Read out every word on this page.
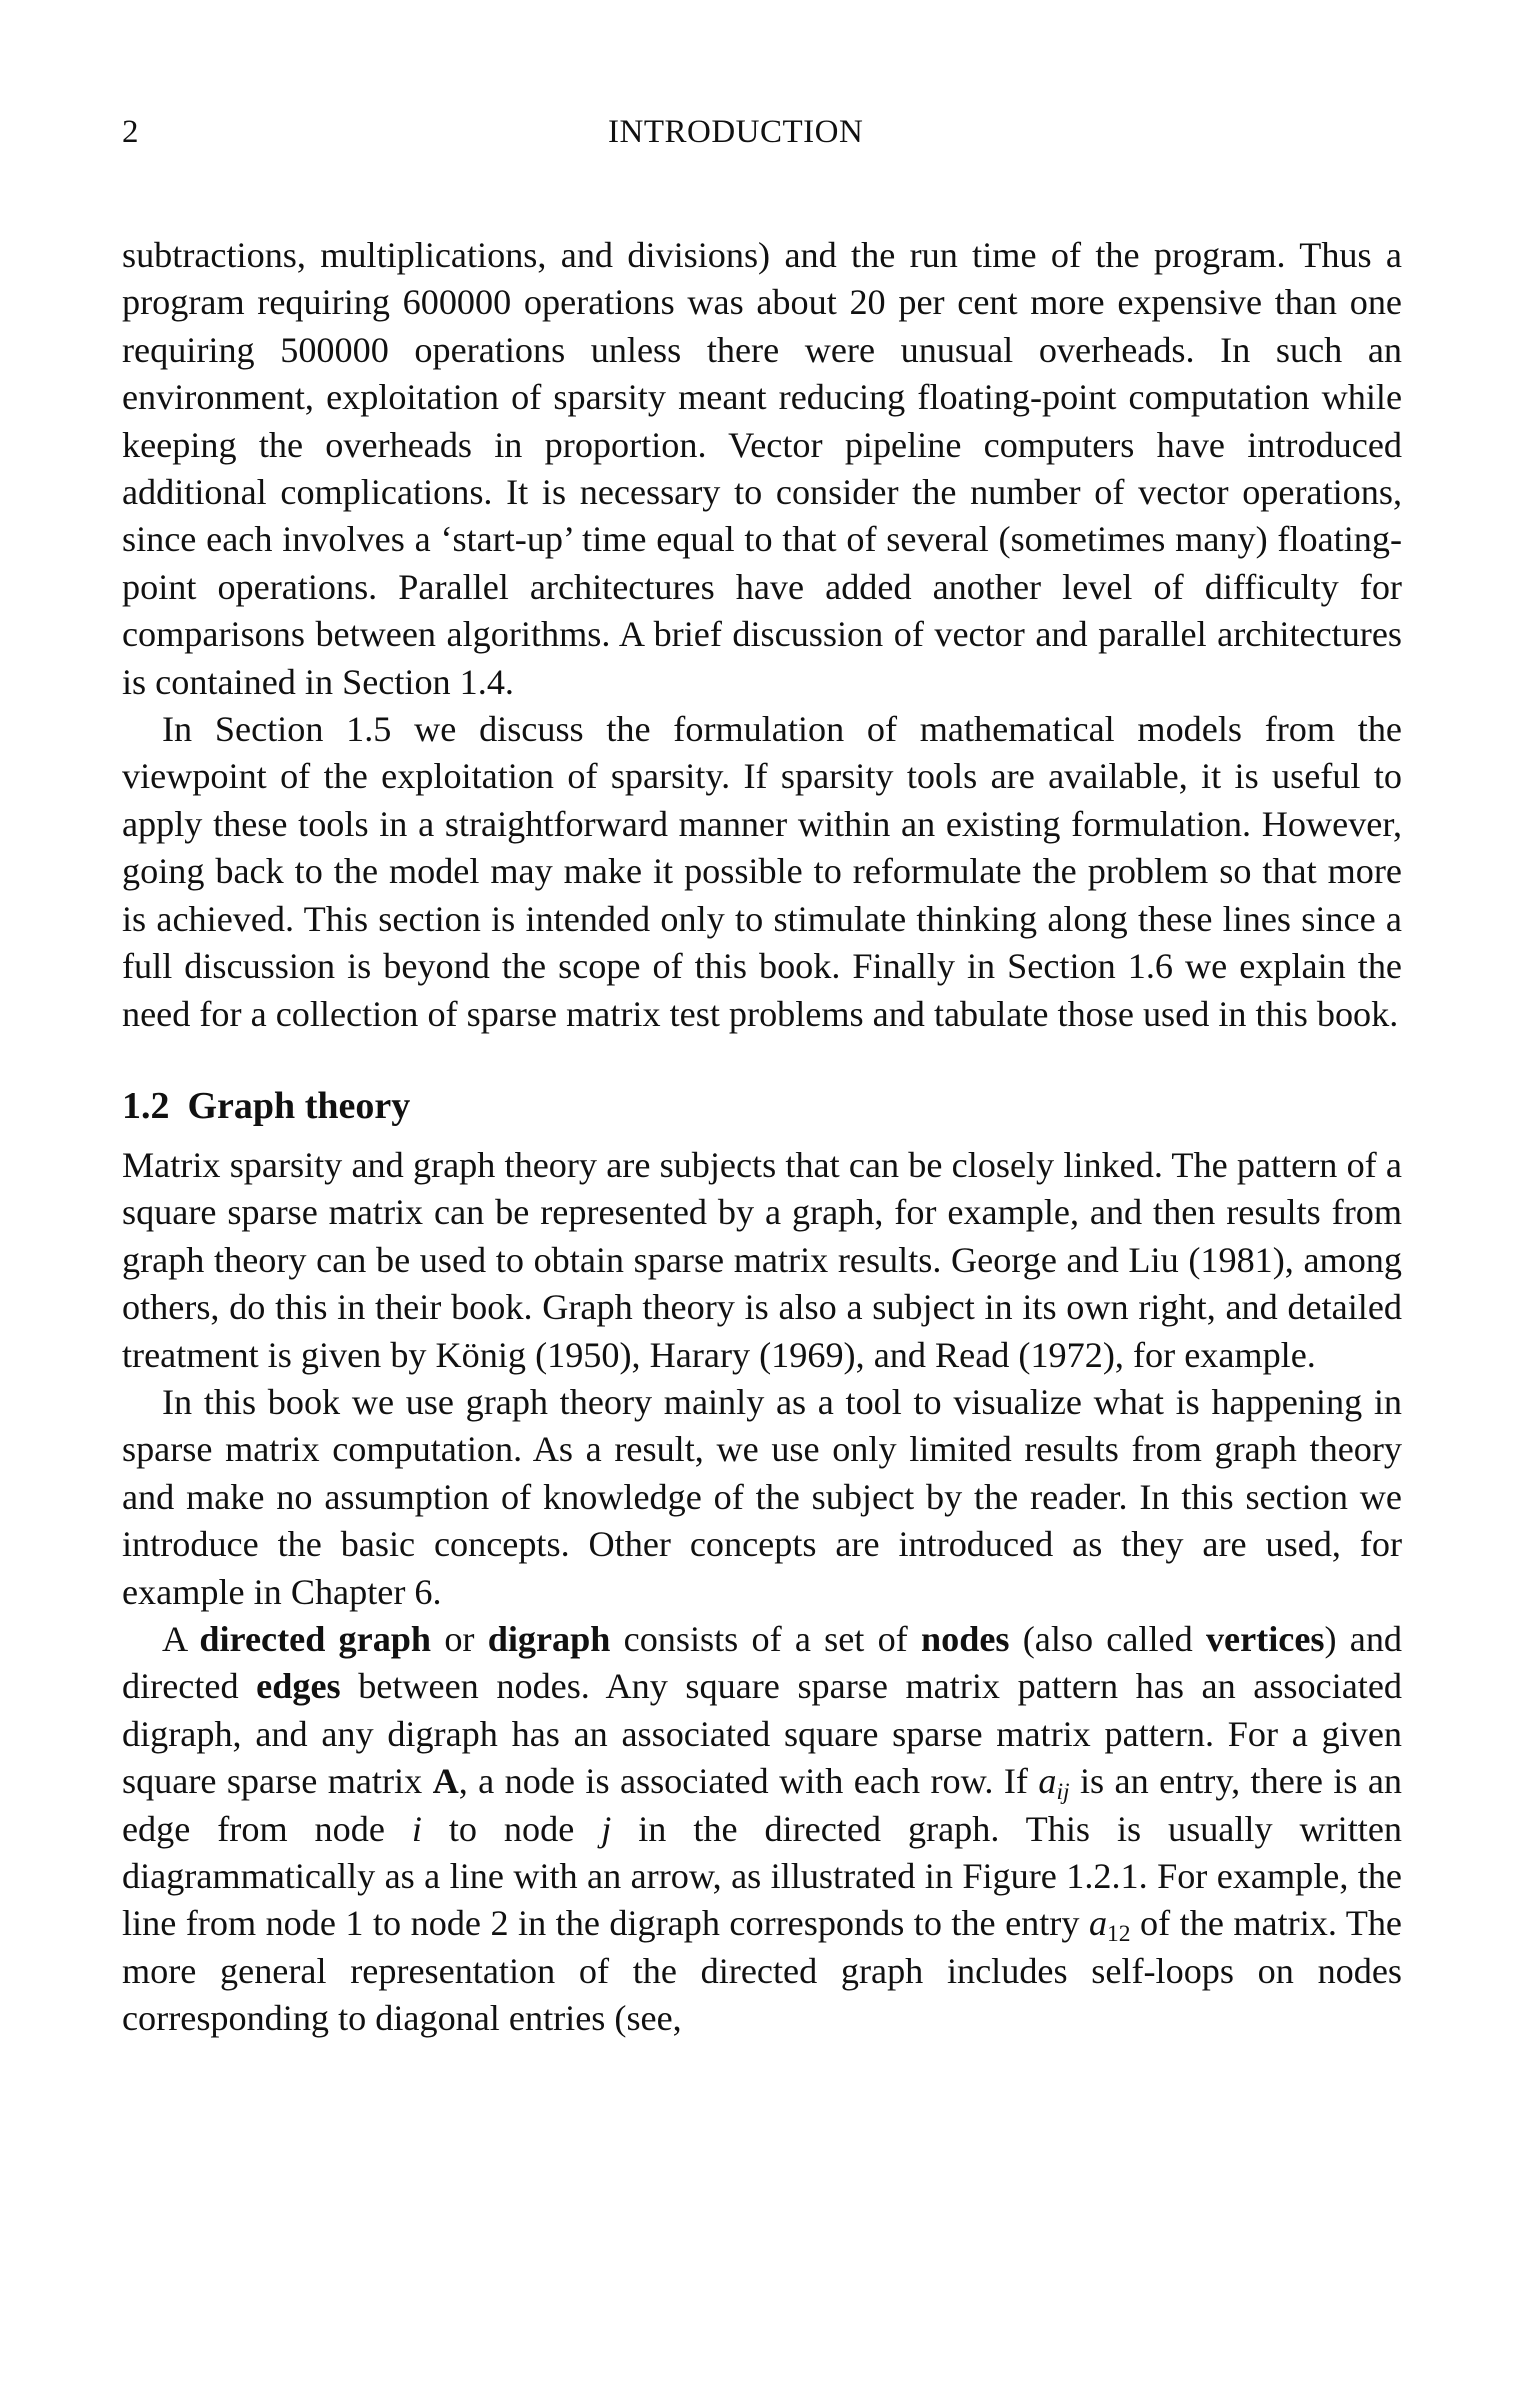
2	INTRODUCTION

subtractions, multiplications, and divisions) and the run time of the program. Thus a program requiring 600000 operations was about 20 per cent more expensive than one requiring 500000 operations unless there were unusual overheads. In such an environment, exploitation of sparsity meant reducing floating-point computation while keeping the overheads in proportion. Vector pipeline computers have introduced additional complications. It is necessary to consider the number of vector operations, since each involves a ‘start-up’ time equal to that of several (sometimes many) floating-point operations. Parallel architectures have added another level of difficulty for comparisons between algorithms. A brief discussion of vector and parallel architectures is contained in Section 1.4.

In Section 1.5 we discuss the formulation of mathematical models from the viewpoint of the exploitation of sparsity. If sparsity tools are available, it is useful to apply these tools in a straightforward manner within an existing formulation. However, going back to the model may make it possible to reformulate the problem so that more is achieved. This section is intended only to stimulate thinking along these lines since a full discussion is beyond the scope of this book. Finally in Section 1.6 we explain the need for a collection of sparse matrix test problems and tabulate those used in this book.

1.2 Graph theory

Matrix sparsity and graph theory are subjects that can be closely linked. The pattern of a square sparse matrix can be represented by a graph, for example, and then results from graph theory can be used to obtain sparse matrix results. George and Liu (1981), among others, do this in their book. Graph theory is also a subject in its own right, and detailed treatment is given by König (1950), Harary (1969), and Read (1972), for example.

In this book we use graph theory mainly as a tool to visualize what is happening in sparse matrix computation. As a result, we use only limited results from graph theory and make no assumption of knowledge of the subject by the reader. In this section we introduce the basic concepts. Other concepts are introduced as they are used, for example in Chapter 6.

A directed graph or digraph consists of a set of nodes (also called vertices) and directed edges between nodes. Any square sparse matrix pattern has an associated digraph, and any digraph has an associated square sparse matrix pattern. For a given square sparse matrix A, a node is associated with each row. If $a_{ij}$ is an entry, there is an edge from node i to node j in the directed graph. This is usually written diagrammatically as a line with an arrow, as illustrated in Figure 1.2.1. For example, the line from node 1 to node 2 in the digraph corresponds to the entry $a_{12}$ of the matrix. The more general representation of the directed graph includes self-loops on nodes corresponding to diagonal entries (see,
